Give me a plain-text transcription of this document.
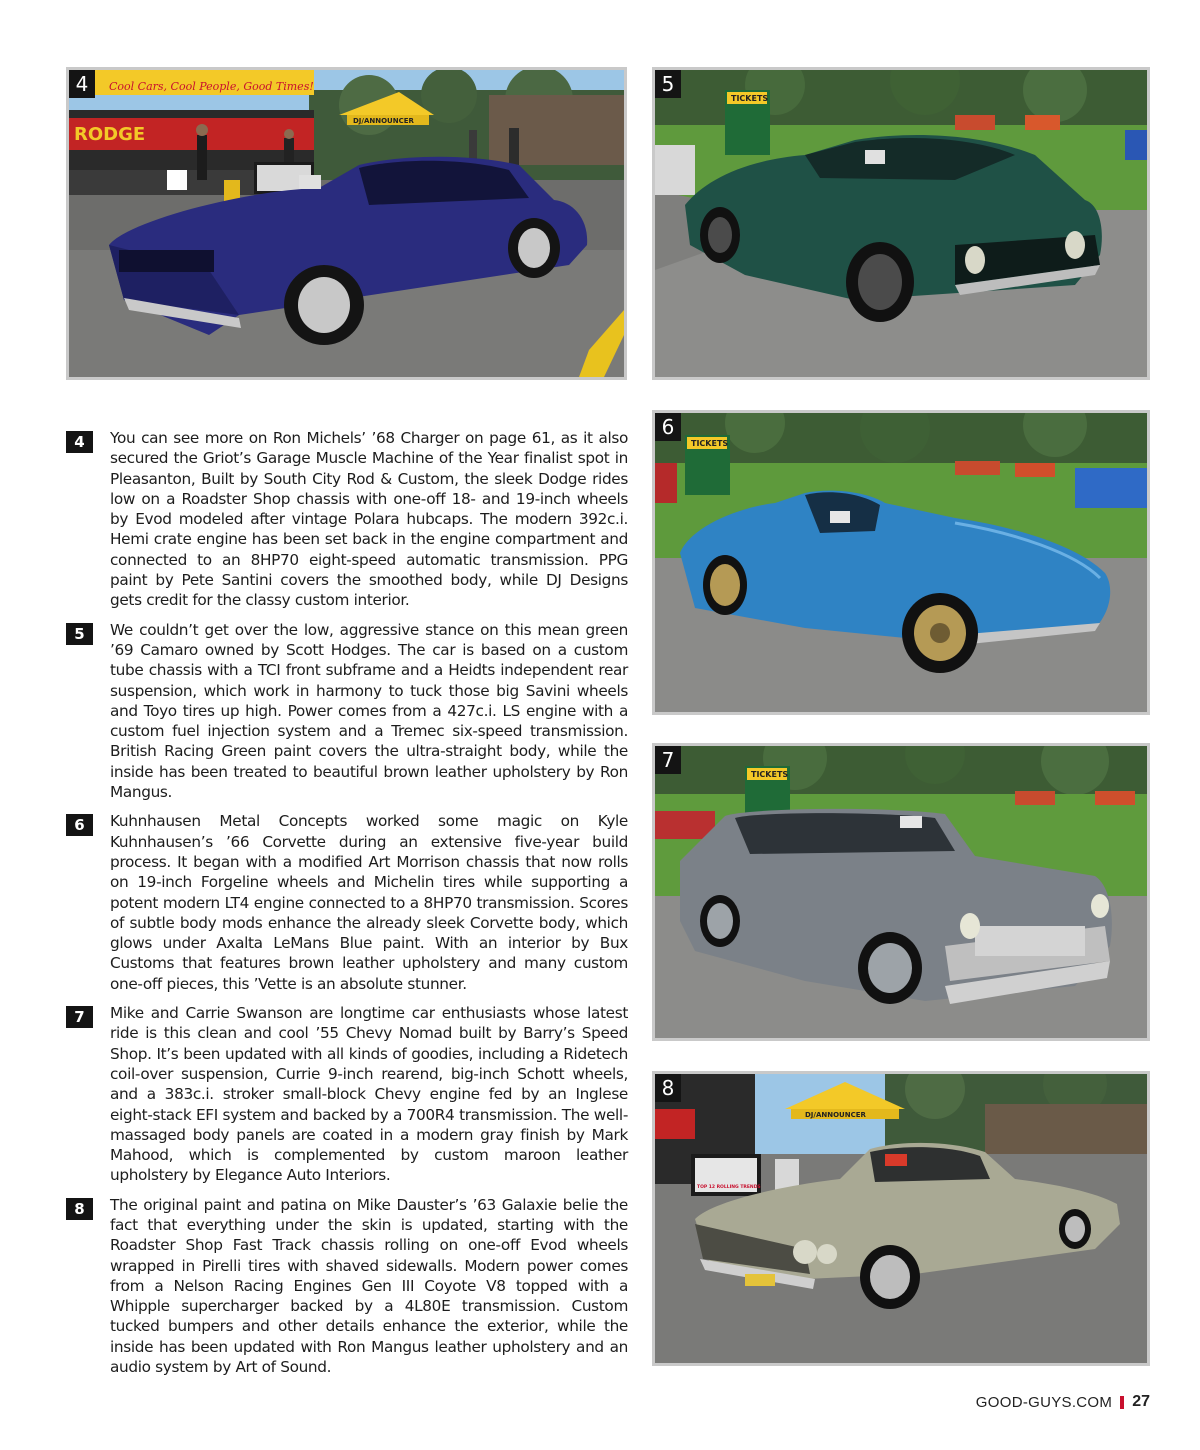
4	Cool Cars, Cool People, Good Times!
RODGE
DJ/ANNOUNCER
5
TICKETS
6
TICKETS
7
TICKETS
8
DJ/ANNOUNCER
TOP 12 ROLLING TRENDS
4	You can see more on Ron Michels’ ’68 Charger on page 61, as it also secured the Griot’s Garage Muscle Machine of the Year finalist spot in Pleasanton, Built by South City Rod & Custom, the sleek Dodge rides low on a Roadster Shop chassis with one-off 18- and 19-inch wheels by Evod modeled after vintage Polara hubcaps. The modern 392c.i. Hemi crate engine has been set back in the engine compartment and connected to an 8HP70 eight-speed automatic transmission. PPG paint by Pete Santini covers the smoothed body, while DJ Designs gets credit for the classy custom interior.

5	We couldn’t get over the low, aggressive stance on this mean green ’69 Camaro owned by Scott Hodges. The car is based on a custom tube chassis with a TCI front subframe and a Heidts independent rear suspension, which work in harmony to tuck those big Savini wheels and Toyo tires up high. Power comes from a 427c.i. LS engine with a custom fuel injection system and a Tremec six-speed transmission. British Racing Green paint covers the ultra-straight body, while the inside has been treated to beautiful brown leather upholstery by Ron Mangus.

6	Kuhnhausen Metal Concepts worked some magic on Kyle Kuhnhausen’s ’66 Corvette during an extensive five-year build process. It began with a modified Art Morrison chassis that now rolls on 19-inch Forgeline wheels and Michelin tires while supporting a potent modern LT4 engine connected to a 8HP70 transmission. Scores of subtle body mods enhance the already sleek Corvette body, which glows under Axalta LeMans Blue paint. With an interior by Bux Customs that features brown leather upholstery and many custom one-off pieces, this ’Vette is an absolute stunner.

7	Mike and Carrie Swanson are longtime car enthusiasts whose latest ride is this clean and cool ’55 Chevy Nomad built by Barry’s Speed Shop. It’s been updated with all kinds of goodies, including a Ridetech coil-over suspension, Currie 9-inch rearend, big-inch Schott wheels, and a 383c.i. stroker small-block Chevy engine fed by an Inglese eight-stack EFI system and backed by a 700R4 transmission. The well-massaged body panels are coated in a modern gray finish by Mark Mahood, which is complemented by custom maroon leather upholstery by Elegance Auto Interiors.

8	The original paint and patina on Mike Dauster’s ’63 Galaxie belie the fact that everything under the skin is updated, starting with the Roadster Shop Fast Track chassis rolling on one-off Evod wheels wrapped in Pirelli tires with shaved sidewalls. Modern power comes from a Nelson Racing Engines Gen III Coyote V8 topped with a Whipple supercharger backed by a 4L80E transmission. Custom tucked bumpers and other details enhance the exterior, while the inside has been updated with Ron Mangus leather upholstery and an audio system by Art of Sound.

GOOD-GUYS.COM 27
